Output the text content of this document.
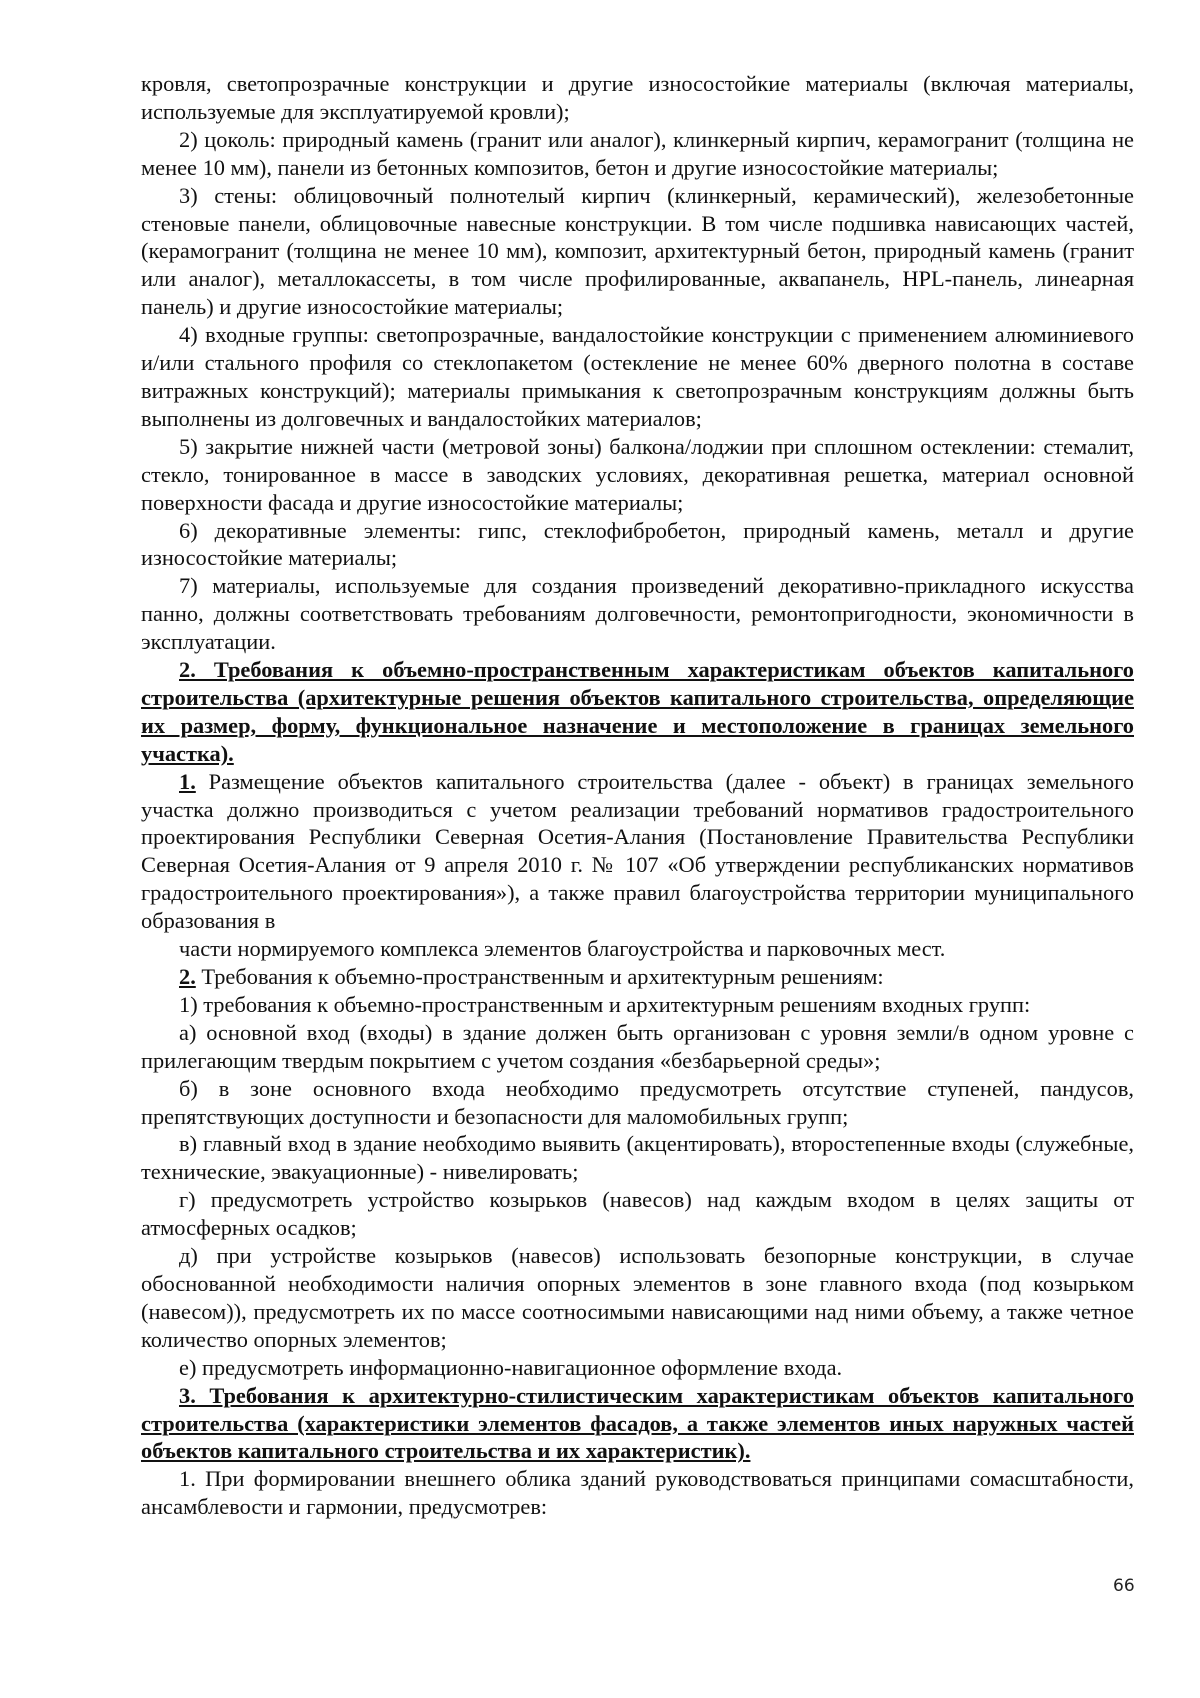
кровля, светопрозрачные конструкции и другие износостойкие материалы (включая материалы, используемые для эксплуатируемой кровли);

2) цоколь: природный камень (гранит или аналог), клинкерный кирпич, керамогранит (толщина не менее 10 мм), панели из бетонных композитов, бетон и другие износостойкие материалы;

3) стены: облицовочный полнотелый кирпич (клинкерный, керамический), железобетонные стеновые панели, облицовочные навесные конструкции. В том числе подшивка нависающих частей, (керамогранит (толщина не менее 10 мм), композит, архитектурный бетон, природный камень (гранит или аналог), металлокассеты, в том числе профилированные, аквапанель, HPL-панель, линеарная панель) и другие износостойкие материалы;

4) входные группы: светопрозрачные, вандалостойкие конструкции с применением алюминиевого и/или стального профиля со стеклопакетом (остекление не менее 60% дверного полотна в составе витражных конструкций); материалы примыкания к светопрозрачным конструкциям должны быть выполнены из долговечных и вандалостойких материалов;

5) закрытие нижней части (метровой зоны) балкона/лоджии при сплошном остеклении: стемалит, стекло, тонированное в массе в заводских условиях, декоративная решетка, материал основной поверхности фасада и другие износостойкие материалы;

6) декоративные элементы: гипс, стеклофибробетон, природный камень, металл и другие износостойкие материалы;

7) материалы, используемые для создания произведений декоративно-прикладного искусства панно, должны соответствовать требованиям долговечности, ремонтопригодности, экономичности в эксплуатации.

2. Требования к объемно-пространственным характеристикам объектов капитального строительства (архитектурные решения объектов капитального строительства, определяющие их размер, форму, функциональное назначение и местоположение в границах земельного участка).

1. Размещение объектов капитального строительства (далее - объект) в границах земельного участка должно производиться с учетом реализации требований нормативов градостроительного проектирования Республики Северная Осетия-Алания (Постановление Правительства Республики Северная Осетия-Алания от 9 апреля 2010 г. № 107 «Об утверждении республиканских нормативов градостроительного проектирования»), а также правил благоустройства территории муниципального образования в

части нормируемого комплекса элементов благоустройства и парковочных мест.

2. Требования к объемно-пространственным и архитектурным решениям:

1) требования к объемно-пространственным и архитектурным решениям входных групп:

а) основной вход (входы) в здание должен быть организован с уровня земли/в одном уровне с прилегающим твердым покрытием с учетом создания «безбарьерной среды»;

б) в зоне основного входа необходимо предусмотреть отсутствие ступеней, пандусов, препятствующих доступности и безопасности для маломобильных групп;

в) главный вход в здание необходимо выявить (акцентировать), второстепенные входы (служебные, технические, эвакуационные) - нивелировать;

г) предусмотреть устройство козырьков (навесов) над каждым входом в целях защиты от атмосферных осадков;

д) при устройстве козырьков (навесов) использовать безопорные конструкции, в случае обоснованной необходимости наличия опорных элементов в зоне главного входа (под козырьком (навесом)), предусмотреть их по массе соотносимыми нависающими над ними объему, а также четное количество опорных элементов;

е) предусмотреть информационно-навигационное оформление входа.

3. Требования к архитектурно-стилистическим характеристикам объектов капитального строительства (характеристики элементов фасадов, а также элементов иных наружных частей объектов капитального строительства и их характеристик).

1. При формировании внешнего облика зданий руководствоваться принципами сомасштабности, ансамблевости и гармонии, предусмотрев:

66
